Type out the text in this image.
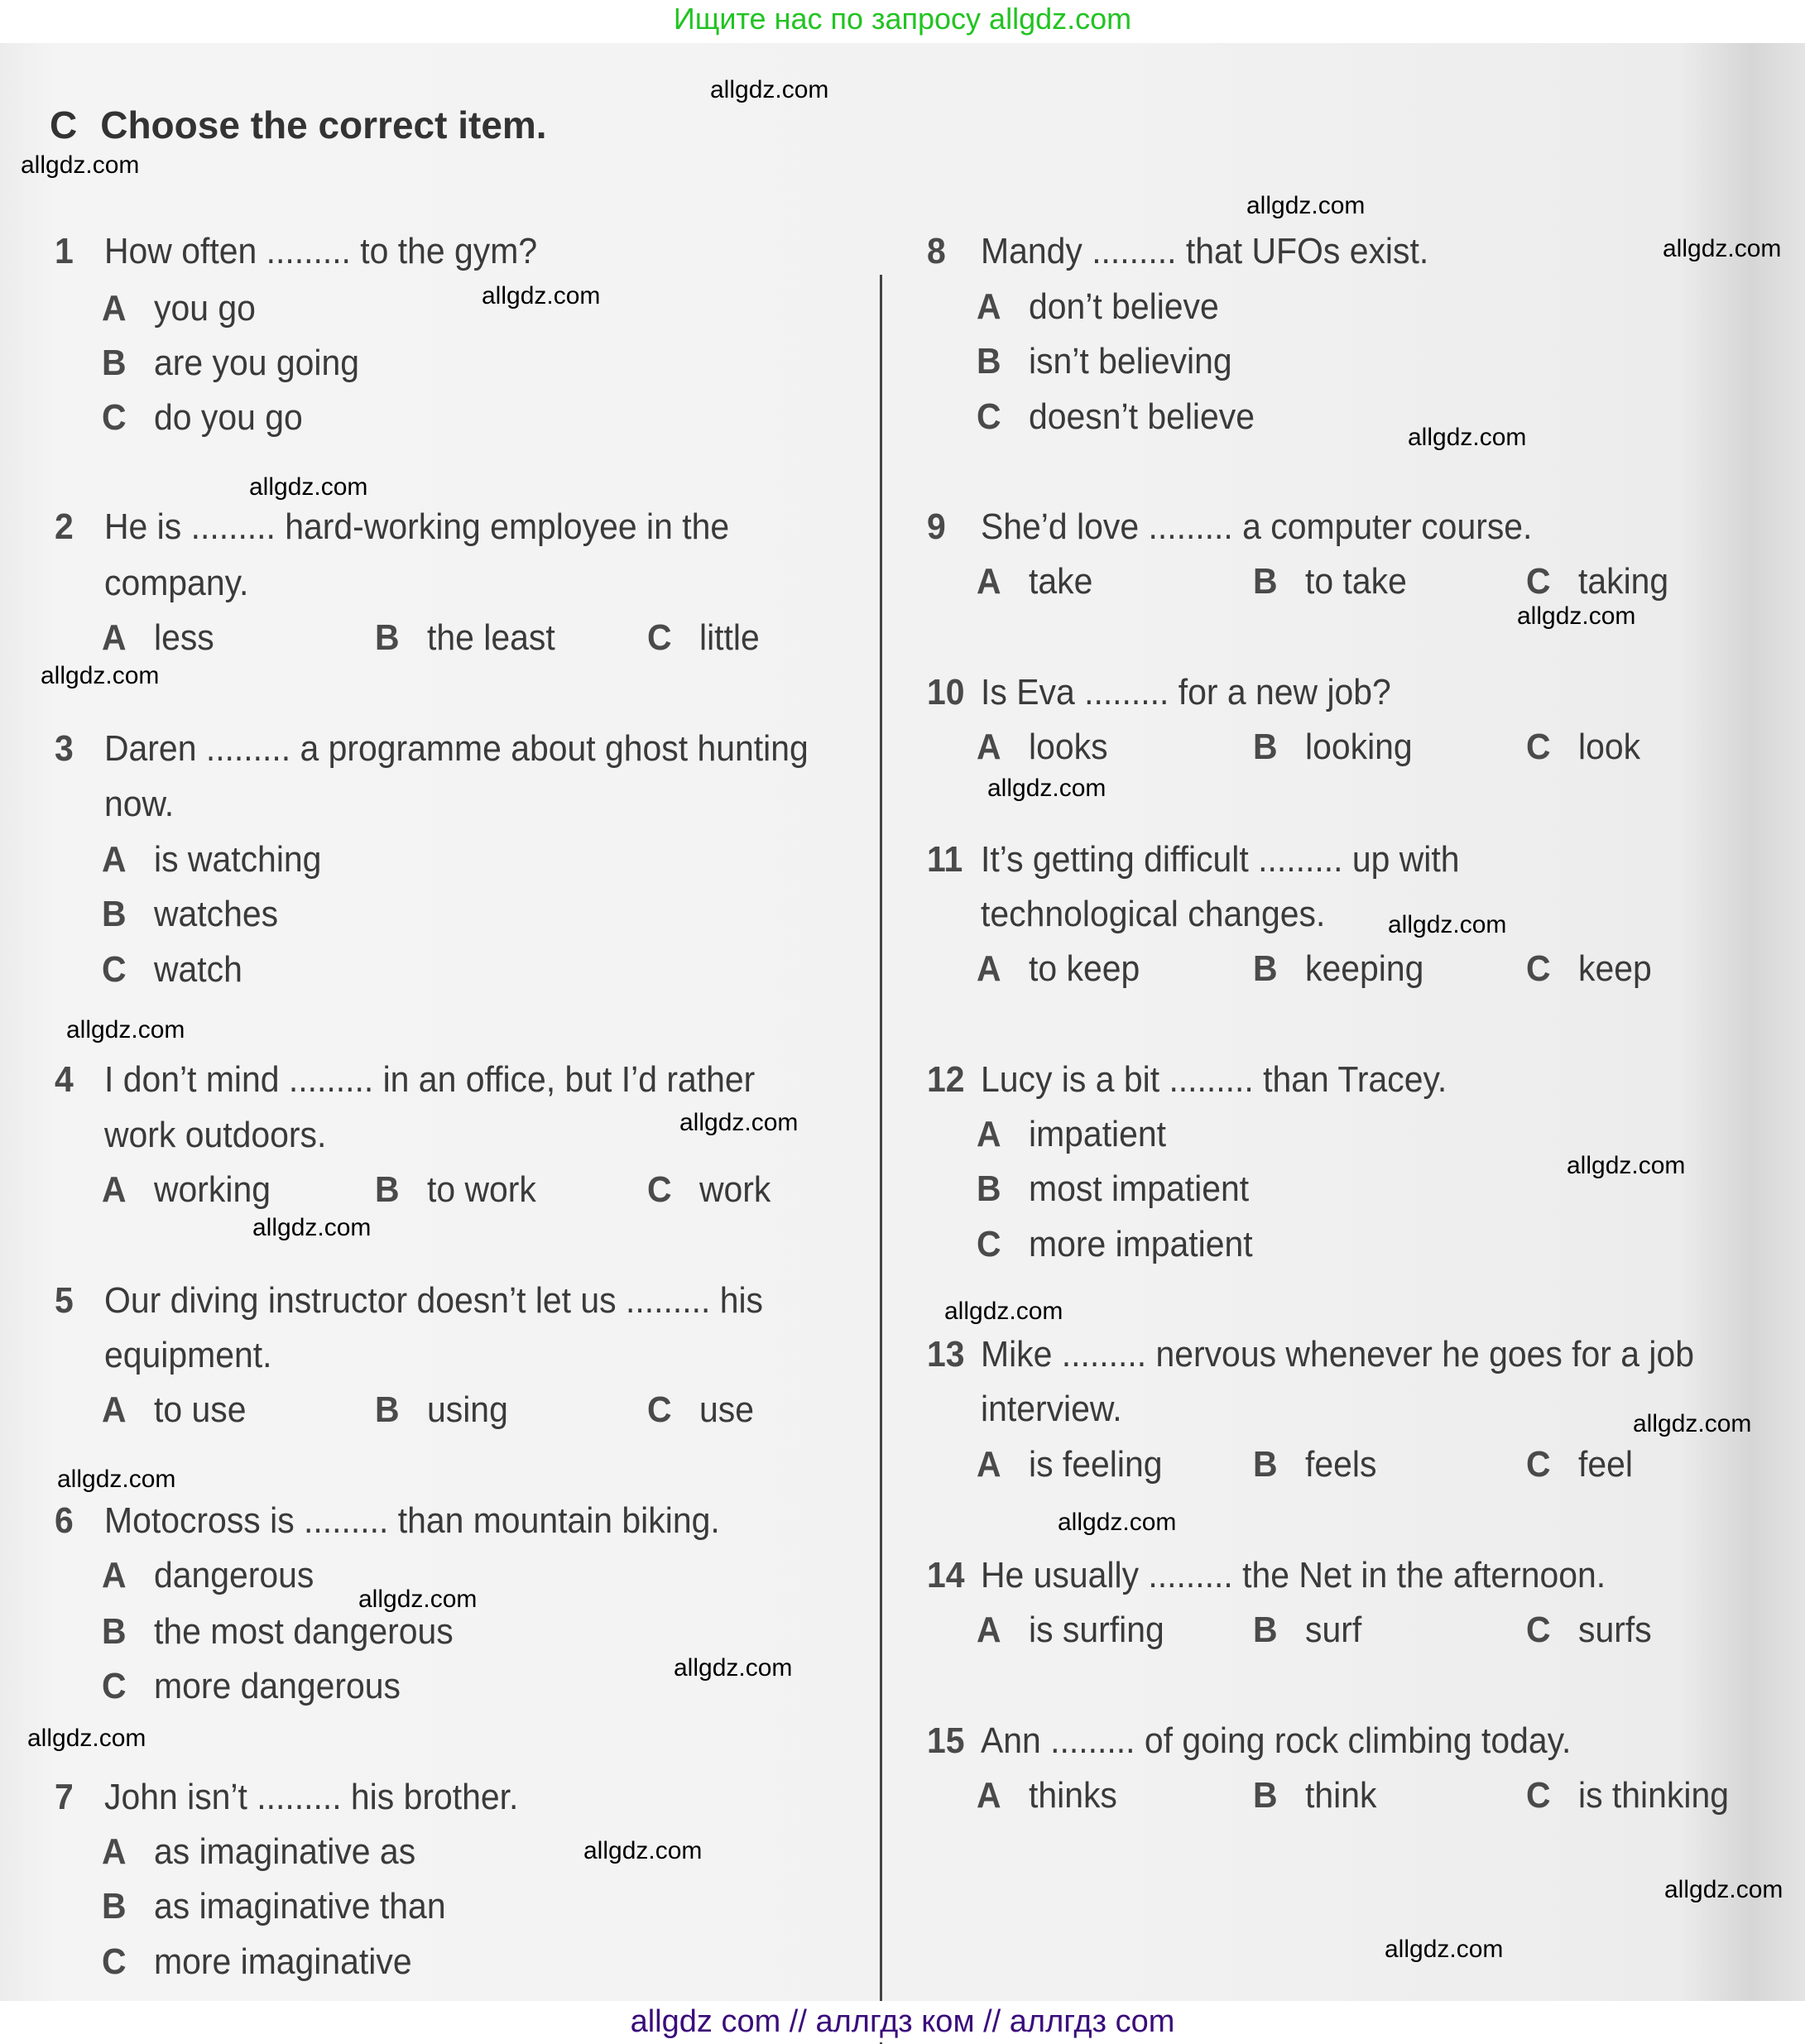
Ищите нас по запросу allgdz.com
C Choose the correct item.
1 How often ......... to the gym?
A you go
B are you going
C do you go
2 He is ......... hard-working employee in the
company.
A less	B the least	C little
3 Daren ......... a programme about ghost hunting
now.
A is watching
B watches
C watch
4 I don’t mind ......... in an office, but I’d rather
work outdoors.
A working	B to work	C work
5 Our diving instructor doesn’t let us ......... his
equipment.
A to use	B using	C use
6 Motocross is ......... than mountain biking.
A dangerous
B the most dangerous
C more dangerous
7 John isn’t ......... his brother.
A as imaginative as
B as imaginative than
C more imaginative
8 Mandy ......... that UFOs exist.
A don’t believe
B isn’t believing
C doesn’t believe
9 She’d love ......... a computer course.
A take	B to take	C taking
10 Is Eva ......... for a new job?
A looks	B looking	C look
11 It’s getting difficult ......... up with
technological changes.
A to keep	B keeping	C keep
12 Lucy is a bit ......... than Tracey.
A impatient
B most impatient
C more impatient
13 Mike ......... nervous whenever he goes for a job
interview.
A is feeling B feels	C feel
14 He usually ......... the Net in the afternoon.
A is surfing B surf	C surfs
15 Ann ......... of going rock climbing today.
A thinks	B think	C is thinking
allgdz.com
allgdz.com
allgdz.com
allgdz.com
allgdz.com
allgdz.com
allgdz.com
allgdz.com
allgdz.com
allgdz.com
allgdz.com
allgdz.com
allgdz.com
allgdz.com
allgdz.com
allgdz.com
allgdz.com
allgdz.com
allgdz.com
allgdz.com
allgdz.com
allgdz.com
allgdz.com
allgdz.com
allgdz.com
allgdz com // аллгдз ком // аллгдз com
